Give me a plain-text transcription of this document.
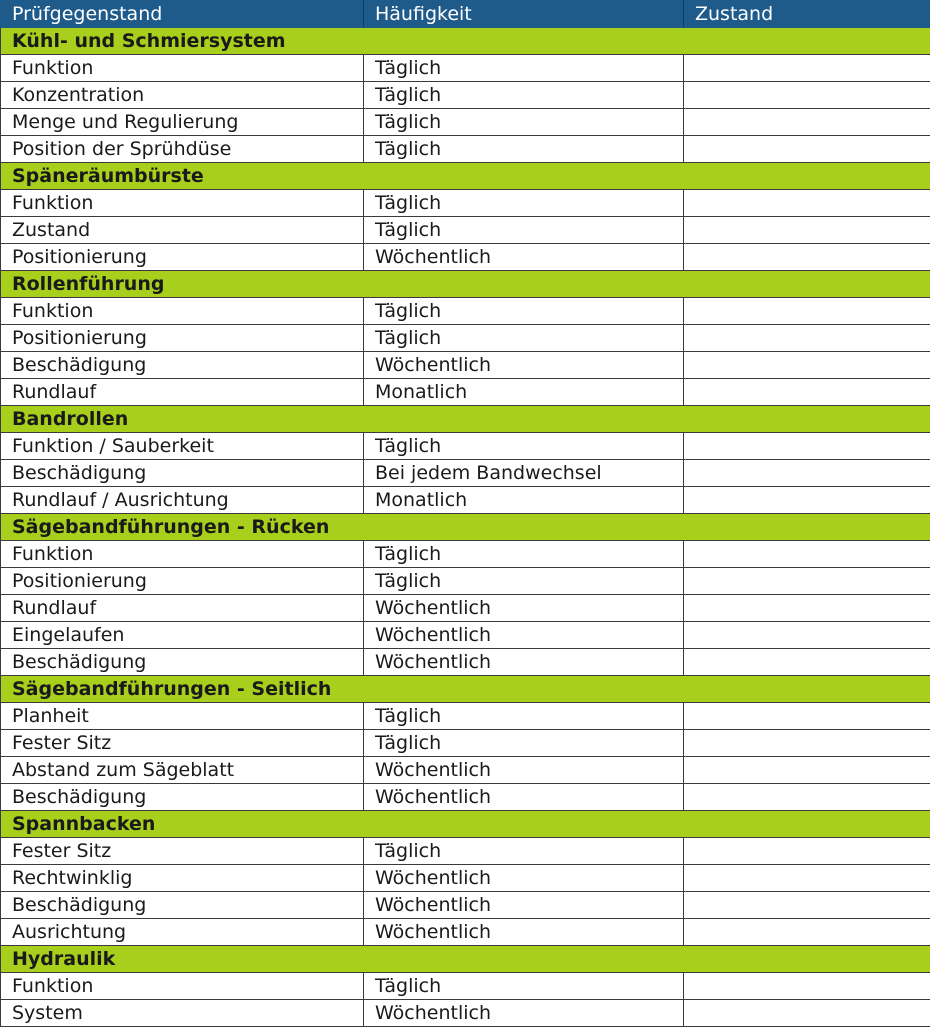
Prüfgegenstand	Häufigkeit	Zustand
Kühl- und Schmiersystem		
Funktion	Täglich	
Konzentration	Täglich	
Menge und Regulierung	Täglich	
Position der Sprühdüse	Täglich	
Späneräumbürste		
Funktion	Täglich	
Zustand	Täglich	
Positionierung	Wöchentlich	
Rollenführung		
Funktion	Täglich	
Positionierung	Täglich	
Beschädigung	Wöchentlich	
Rundlauf	Monatlich	
Bandrollen		
Funktion / Sauberkeit	Täglich	
Beschädigung	Bei jedem Bandwechsel	
Rundlauf / Ausrichtung	Monatlich	
Sägebandführungen - Rücken		
Funktion	Täglich	
Positionierung	Täglich	
Rundlauf	Wöchentlich	
Eingelaufen	Wöchentlich	
Beschädigung	Wöchentlich	
Sägebandführungen - Seitlich		
Planheit	Täglich	
Fester Sitz	Täglich	
Abstand zum Sägeblatt	Wöchentlich	
Beschädigung	Wöchentlich	
Spannbacken		
Fester Sitz	Täglich	
Rechtwinklig	Wöchentlich	
Beschädigung	Wöchentlich	
Ausrichtung	Wöchentlich	
Hydraulik		
Funktion	Täglich	
System	Wöchentlich	
